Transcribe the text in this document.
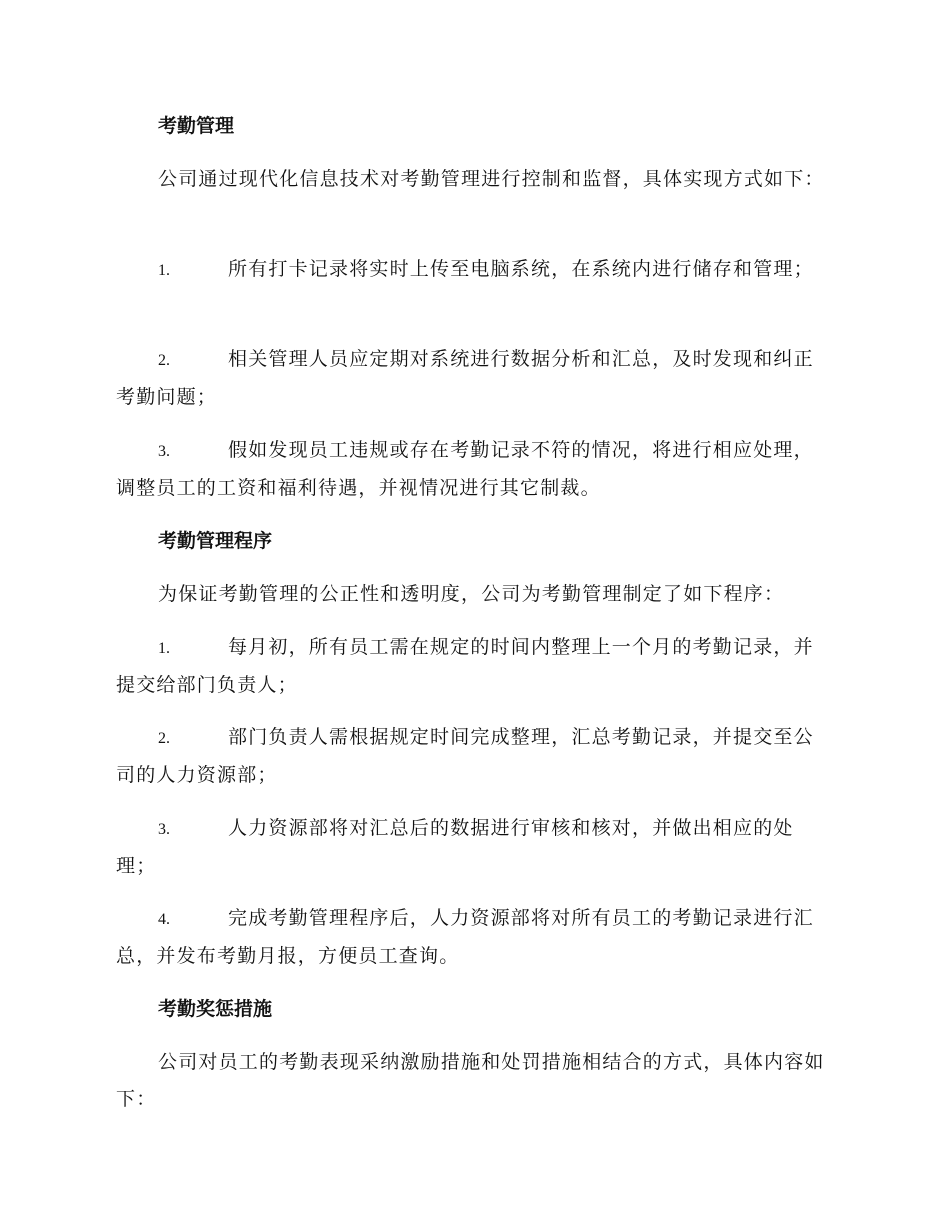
考勤管理

公司通过现代化信息技术对考勤管理进行控制和监督，具体实现方式如下：

1.	所有打卡记录将实时上传至电脑系统，在系统内进行储存和管理；

2.	相关管理人员应定期对系统进行数据分析和汇总，及时发现和纠正考勤问题；

3.	假如发现员工违规或存在考勤记录不符的情况，将进行相应处理，调整员工的工资和福利待遇，并视情况进行其它制裁。

考勤管理程序

为保证考勤管理的公正性和透明度，公司为考勤管理制定了如下程序：

1.	每月初，所有员工需在规定的时间内整理上一个月的考勤记录，并提交给部门负责人；

2.	部门负责人需根据规定时间完成整理，汇总考勤记录，并提交至公司的人力资源部；

3.	人力资源部将对汇总后的数据进行审核和核对，并做出相应的处理；

4.	完成考勤管理程序后，人力资源部将对所有员工的考勤记录进行汇总，并发布考勤月报，方便员工查询。

考勤奖惩措施

公司对员工的考勤表现采纳激励措施和处罚措施相结合的方式，具体内容如下：
